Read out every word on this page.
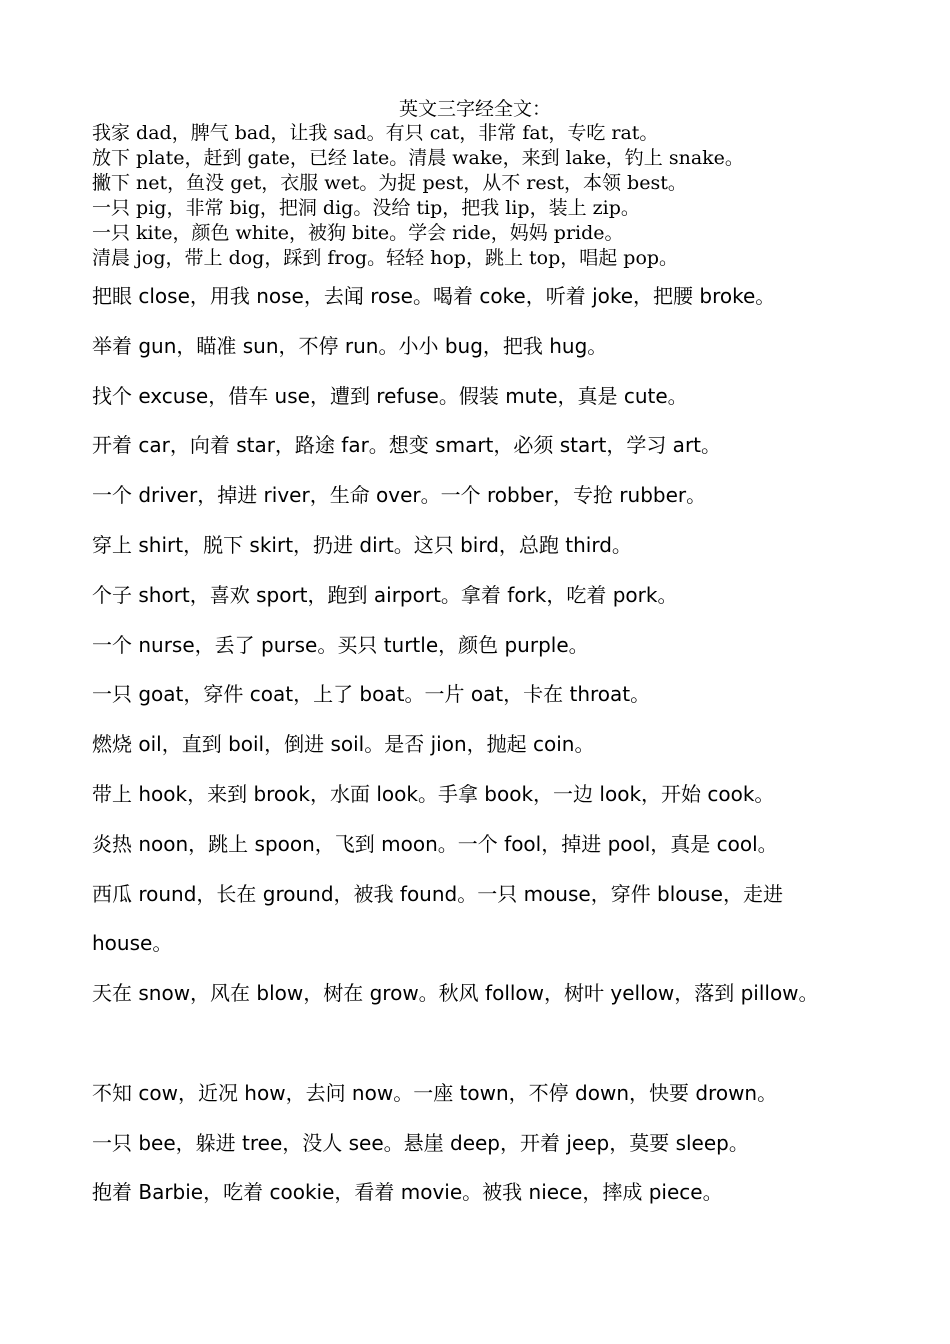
英文三字经全文：
我家 dad，脾气 bad，让我 sad。有只 cat，非常 fat，专吃 rat。
放下 plate，赶到 gate，已经 late。清晨 wake，来到 lake，钓上 snake。
撇下 net，鱼没 get，衣服 wet。为捉 pest，从不 rest，本领 best。
一只 pig，非常 big，把洞 dig。没给 tip，把我 lip，装上 zip。
一只 kite，颜色 white，被狗 bite。学会 ride，妈妈 pride。
清晨 jog，带上 dog，踩到 frog。轻轻 hop，跳上 top，唱起 pop。
把眼 close，用我 nose，去闻 rose。喝着 coke，听着 joke，把腰 broke。
举着 gun，瞄准 sun，不停 run。小小 bug，把我 hug。
找个 excuse，借车 use，遭到 refuse。假装 mute，真是 cute。
开着 car，向着 star，路途 far。想变 smart，必须 start，学习 art。
一个 driver，掉进 river，生命 over。一个 robber，专抢 rubber。
穿上 shirt，脱下 skirt，扔进 dirt。这只 bird，总跑 third。
个子 short，喜欢 sport，跑到 airport。拿着 fork，吃着 pork。
一个 nurse，丢了 purse。买只 turtle，颜色 purple。
一只 goat，穿件 coat，上了 boat。一片 oat，卡在 throat。
燃烧 oil，直到 boil，倒进 soil。是否 jion，抛起 coin。
带上 hook，来到 brook，水面 look。手拿 book，一边 look，开始 cook。
炎热 noon，跳上 spoon，飞到 moon。一个 fool，掉进 pool，真是 cool。
西瓜 round，长在 ground，被我 found。一只 mouse，穿件 blouse，走进
house。
天在 snow，风在 blow，树在 grow。秋风 follow，树叶 yellow，落到 pillow。
不知 cow，近况 how，去问 now。一座 town，不停 down，快要 drown。
一只 bee，躲进 tree，没人 see。悬崖 deep，开着 jeep，莫要 sleep。
抱着 Barbie，吃着 cookie，看着 movie。被我 niece，摔成 piece。
